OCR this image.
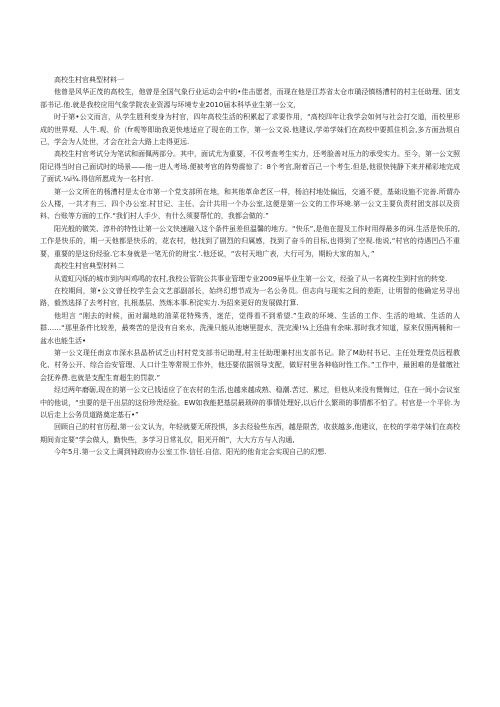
高校生村官典型材料一

他曾是风华正茂的高校生，他曾是全国气象行业运动会中的•佳击愿者，而现在他是江苏省太仓市璜泾镇杨漕村的村主任助理、团支部书记.他.就是我校应用气象学院农业资源与环境专业2010届本科毕业生第一公文，

时于第•公文而言，从学生胜利变身为村官，四年高校生活的积累起了求要作用，“高校四年让我学会如何与社会打交道，而校里形成的世界观、人牛.观、价（fr观等即助我更快地适应了现在的工作，第一公文说.他建议,学弟学妹们在高校中要抓住机会,多方面劲垠自己，学会为人处世，才会在社会大路上走得更远.

高校生村官考试分为笔试和面佩两部分。其中，面试尤为重要，不仅考查考生实力，还考脸善对压力的承受实力。至今，第一公文照阳记得当时自己面试时的场景——他一进人考场.便被考官的阵势震惊了：8个考官,附着百己一个考生.但是,他很快钝静下来并稀彩地完成了面试.¼i¾.得信所愿成为一名村官.

第一公文所在的杨漕村是太仓市第一个党支部所在地，和其他革命老区一样，杨泊村地处偏远，交通不便，基础设施不完善.所谓办公人楼，一共才有三、四个办公室.村甘记、主任、会计共用一个办公室,这便是第一公文的工作环境.第一公文主要负责村团支部以及资料、台账等方面的工作.“我们村人手少，有什么须要帮忙的，我都会做的.”

阳光般的微笑、淳朴的特性让第一公文快速融入这个条件虽差但温馨的地方。“快乐”,是他在提及工作时用得最多的词.生活是快乐的,工作是快乐的，期一天他都是快乐的，花农村，他找到了剧烈的归属感，找到了奋斗的目标,也得到了空视.他说,“村官的待遇凹凸不重要，重要的是这份经验.它本身就是一笔无价的财宝.’.他还说，“农村天地广表，大行可为，期盼大家的加入，”

高校生村官典型材料二

从霓虹闪烁的城市到内叫鸡鸣的农村,我校公管院公共事业管理专业2009届毕业生第一公文，经验了从一名离校生到村官的转变.

在校期间，第•公文曾任校学生会文艺部副部长，始终幻想节成为一名公务员。但志向与现实之间的差距，让明智的他确定另寻出路，毅然选择了去考村官，扎根基层、然炼本事.积淀实力.为招来更好的发展做打算.

他坦言 “刚去的时候，面对漏地的油菜花特殊秀，迷茫，觉得看不到希望.”生政的环境、生活的工作、生活的地域、生活的人群……“那里条件比较差，最奏苦的是没有自来水，洗澡只能从池塘里提水，洗完澡!¼上还曲有余味.那时我才知道，原来仅照两桶和一盆水也能生活•

第一公文现任南京市深水县晶桥试乏山村村党支部书记助理,村主任助理兼村出支部书记。除了M助村书记、主任处理党员远程教化、村务公开、综合治安管理、人口计生等常规工作外，他还要依据领导支配，做好村里各种临时性工作。”工作中，最困难的是催缴社会抚养费.也就是支配生育超生的罚款.”

经过两年磨砺,现在的第一公文已钱适应了在农村的生活,也越来越成熟、稳潮.苦过、累过，但他从来没有懊悔过，住在一间小会议室中的他说，“虫要的是干出层的这份珍贵经验。EW如我能把基层最琐碎的事情处理好,以后什么繁琐的事情都不怕了。村官是一个平价.为以后走上公务员道路奠定基石•”

回顾自己的村官历程,第一公文认为，年轻就要无所投惧，多去经验些东西，越是限苦，收获越多,他建议，在校的学弟学妹们在高校期间肯定要“学会做人，勤快些，多学习日常礼仪，阳光开朗”，大大方方与人沟通,

今年5月.第一公文上调到钝政府办公室工作.信任.自信、阳光的他肯定会实现自己的幻想.
